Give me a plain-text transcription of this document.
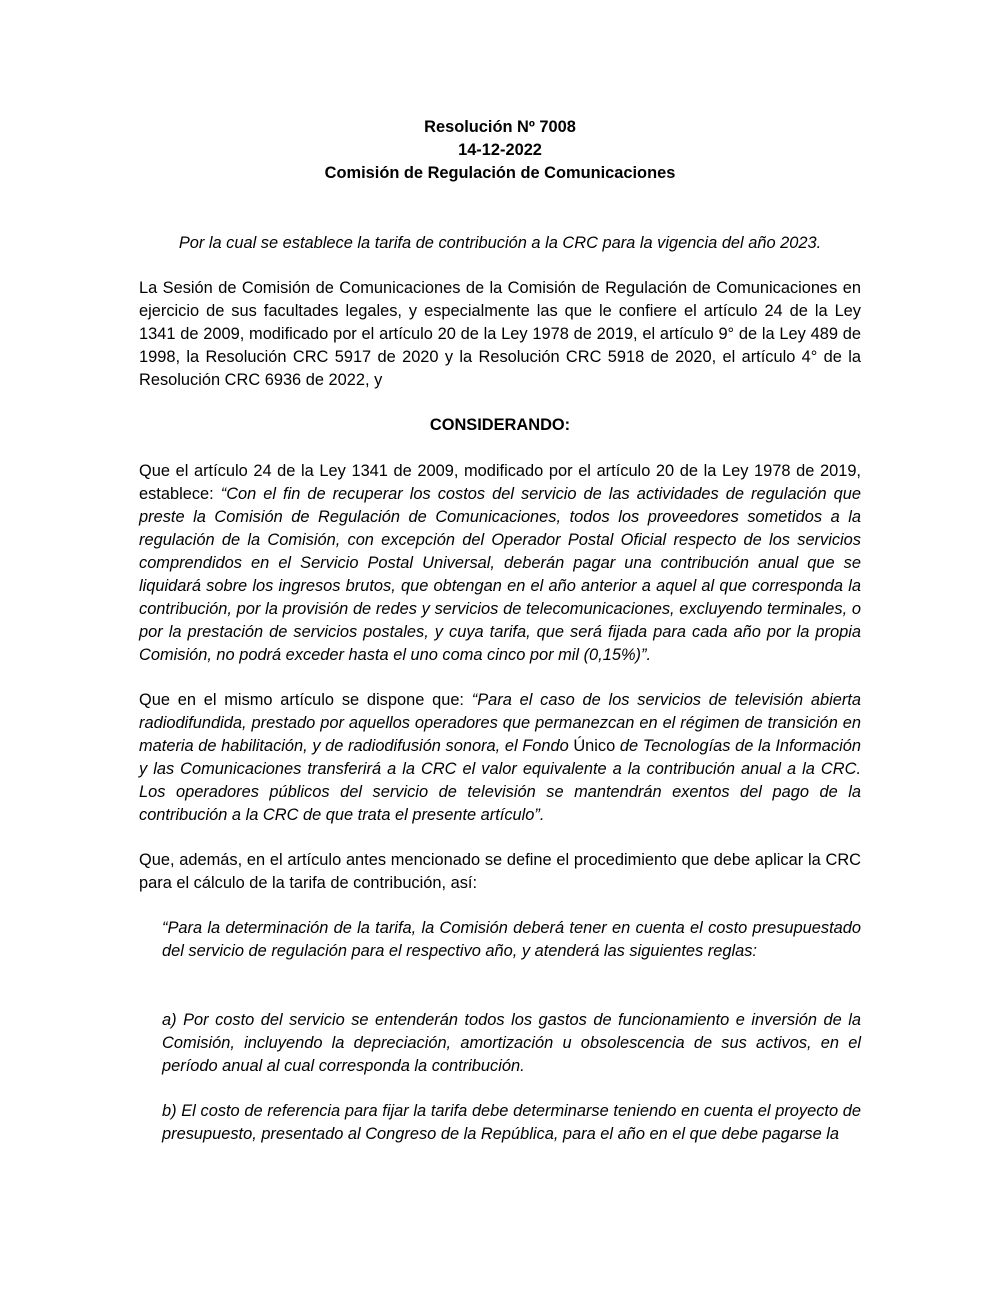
Resolución Nº 7008
14-12-2022
Comisión de Regulación de Comunicaciones

Por la cual se establece la tarifa de contribución a la CRC para la vigencia del año 2023.

La Sesión de Comisión de Comunicaciones de la Comisión de Regulación de Comunicaciones en ejercicio de sus facultades legales, y especialmente las que le confiere el artículo 24 de la Ley 1341 de 2009, modificado por el artículo 20 de la Ley 1978 de 2019, el artículo 9° de la Ley 489 de 1998, la Resolución CRC 5917 de 2020 y la Resolución CRC 5918 de 2020, el artículo 4° de la Resolución CRC 6936 de 2022, y

CONSIDERANDO:

Que el artículo 24 de la Ley 1341 de 2009, modificado por el artículo 20 de la Ley 1978 de 2019, establece: “Con el fin de recuperar los costos del servicio de las actividades de regulación que preste la Comisión de Regulación de Comunicaciones, todos los proveedores sometidos a la regulación de la Comisión, con excepción del Operador Postal Oficial respecto de los servicios comprendidos en el Servicio Postal Universal, deberán pagar una contribución anual que se liquidará sobre los ingresos brutos, que obtengan en el año anterior a aquel al que corresponda la contribución, por la provisión de redes y servicios de telecomunicaciones, excluyendo terminales, o por la prestación de servicios postales, y cuya tarifa, que será fijada para cada año por la propia Comisión, no podrá exceder hasta el uno coma cinco por mil (0,15%)”.

Que en el mismo artículo se dispone que: “Para el caso de los servicios de televisión abierta radiodifundida, prestado por aquellos operadores que permanezcan en el régimen de transición en materia de habilitación, y de radiodifusión sonora, el Fondo Único de Tecnologías de la Información y las Comunicaciones transferirá a la CRC el valor equivalente a la contribución anual a la CRC. Los operadores públicos del servicio de televisión se mantendrán exentos del pago de la contribución a la CRC de que trata el presente artículo”.

Que, además, en el artículo antes mencionado se define el procedimiento que debe aplicar la CRC para el cálculo de la tarifa de contribución, así:

“Para la determinación de la tarifa, la Comisión deberá tener en cuenta el costo presupuestado del servicio de regulación para el respectivo año, y atenderá las siguientes reglas:

a) Por costo del servicio se entenderán todos los gastos de funcionamiento e inversión de la Comisión, incluyendo la depreciación, amortización u obsolescencia de sus activos, en el período anual al cual corresponda la contribución.

b) El costo de referencia para fijar la tarifa debe determinarse teniendo en cuenta el proyecto de presupuesto, presentado al Congreso de la República, para el año en el que debe pagarse la
